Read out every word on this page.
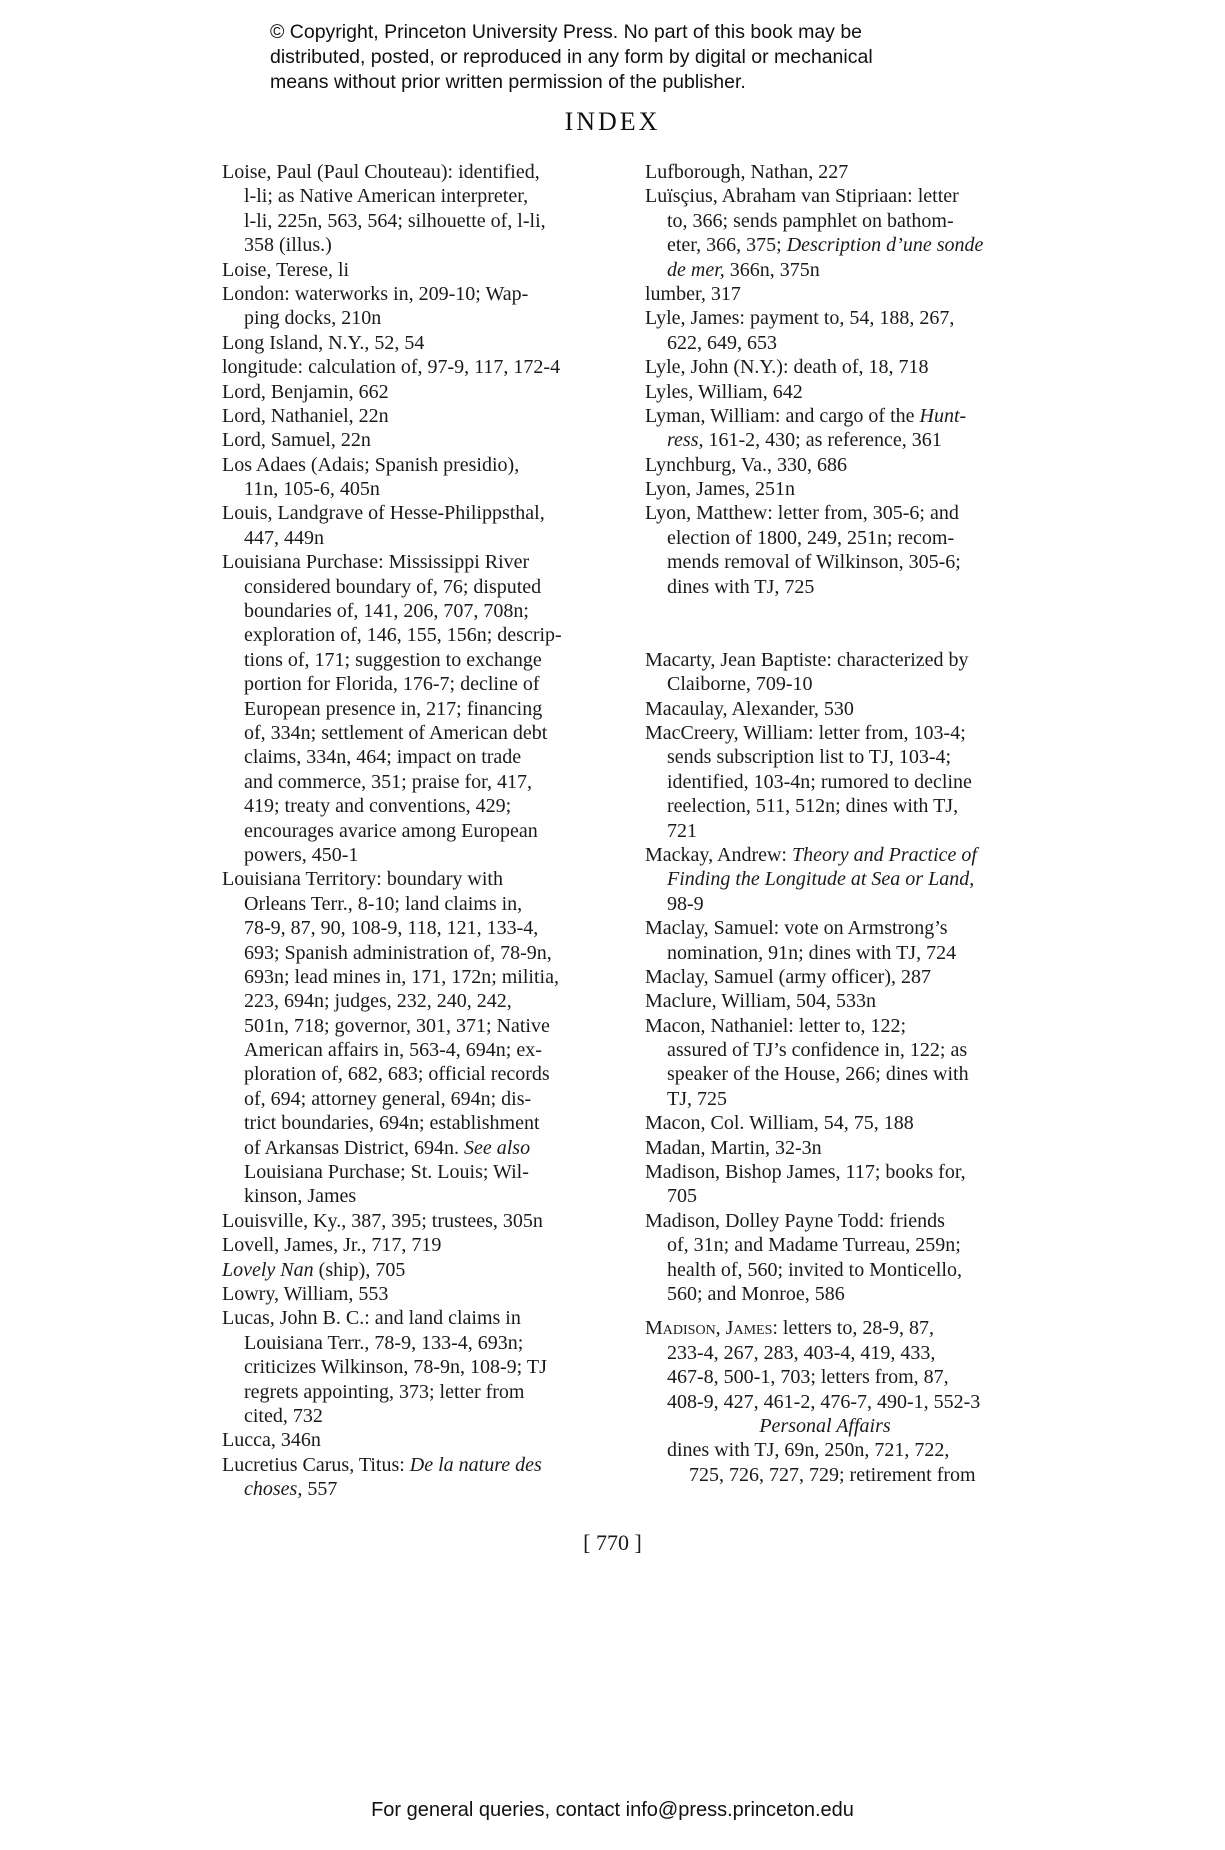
© Copyright, Princeton University Press. No part of this book may be
distributed, posted, or reproduced in any form by digital or mechanical
means without prior written permission of the publisher.
INDEX
Loise, Paul (Paul Chouteau): identified,
l-li; as Native American interpreter,
l-li, 225n, 563, 564; silhouette of, l-li,
358 (illus.)
Loise, Terese, li
London: waterworks in, 209-10; Wap-
ping docks, 210n
Long Island, N.Y., 52, 54
longitude: calculation of, 97-9, 117, 172-4
Lord, Benjamin, 662
Lord, Nathaniel, 22n
Lord, Samuel, 22n
Los Adaes (Adais; Spanish presidio),
11n, 105-6, 405n
Louis, Landgrave of Hesse-Philippsthal,
447, 449n
Louisiana Purchase: Mississippi River
considered boundary of, 76; disputed
boundaries of, 141, 206, 707, 708n;
exploration of, 146, 155, 156n; descrip-
tions of, 171; suggestion to exchange
portion for Florida, 176-7; decline of
European presence in, 217; financing
of, 334n; settlement of American debt
claims, 334n, 464; impact on trade
and commerce, 351; praise for, 417,
419; treaty and conventions, 429;
encourages avarice among European
powers, 450-1
Louisiana Territory: boundary with
Orleans Terr., 8-10; land claims in,
78-9, 87, 90, 108-9, 118, 121, 133-4,
693; Spanish administration of, 78-9n,
693n; lead mines in, 171, 172n; militia,
223, 694n; judges, 232, 240, 242,
501n, 718; governor, 301, 371; Native
American affairs in, 563-4, 694n; ex-
ploration of, 682, 683; official records
of, 694; attorney general, 694n; dis-
trict boundaries, 694n; establishment
of Arkansas District, 694n. See also
Louisiana Purchase; St. Louis; Wil-
kinson, James
Louisville, Ky., 387, 395; trustees, 305n
Lovell, James, Jr., 717, 719
Lovely Nan (ship), 705
Lowry, William, 553
Lucas, John B. C.: and land claims in
Louisiana Terr., 78-9, 133-4, 693n;
criticizes Wilkinson, 78-9n, 108-9; TJ
regrets appointing, 373; letter from
cited, 732
Lucca, 346n
Lucretius Carus, Titus: De la nature des
choses, 557
Lufborough, Nathan, 227
Luïsçius, Abraham van Stipriaan: letter
to, 366; sends pamphlet on bathom-
eter, 366, 375; Description d’une sonde
de mer, 366n, 375n
lumber, 317
Lyle, James: payment to, 54, 188, 267,
622, 649, 653
Lyle, John (N.Y.): death of, 18, 718
Lyles, William, 642
Lyman, William: and cargo of the Hunt-
ress, 161-2, 430; as reference, 361
Lynchburg, Va., 330, 686
Lyon, James, 251n
Lyon, Matthew: letter from, 305-6; and
election of 1800, 249, 251n; recom-
mends removal of Wilkinson, 305-6;
dines with TJ, 725
Macarty, Jean Baptiste: characterized by
Claiborne, 709-10
Macaulay, Alexander, 530
MacCreery, William: letter from, 103-4;
sends subscription list to TJ, 103-4;
identified, 103-4n; rumored to decline
reelection, 511, 512n; dines with TJ,
721
Mackay, Andrew: Theory and Practice of
Finding the Longitude at Sea or Land,
98-9
Maclay, Samuel: vote on Armstrong’s
nomination, 91n; dines with TJ, 724
Maclay, Samuel (army officer), 287
Maclure, William, 504, 533n
Macon, Nathaniel: letter to, 122;
assured of TJ’s confidence in, 122; as
speaker of the House, 266; dines with
TJ, 725
Macon, Col. William, 54, 75, 188
Madan, Martin, 32-3n
Madison, Bishop James, 117; books for,
705
Madison, Dolley Payne Todd: friends
of, 31n; and Madame Turreau, 259n;
health of, 560; invited to Monticello,
560; and Monroe, 586
Madison, James: letters to, 28-9, 87,
233-4, 267, 283, 403-4, 419, 433,
467-8, 500-1, 703; letters from, 87,
408-9, 427, 461-2, 476-7, 490-1, 552-3
Personal Affairs
dines with TJ, 69n, 250n, 721, 722,
725, 726, 727, 729; retirement from
[ 770 ]
For general queries, contact info@press.princeton.edu
